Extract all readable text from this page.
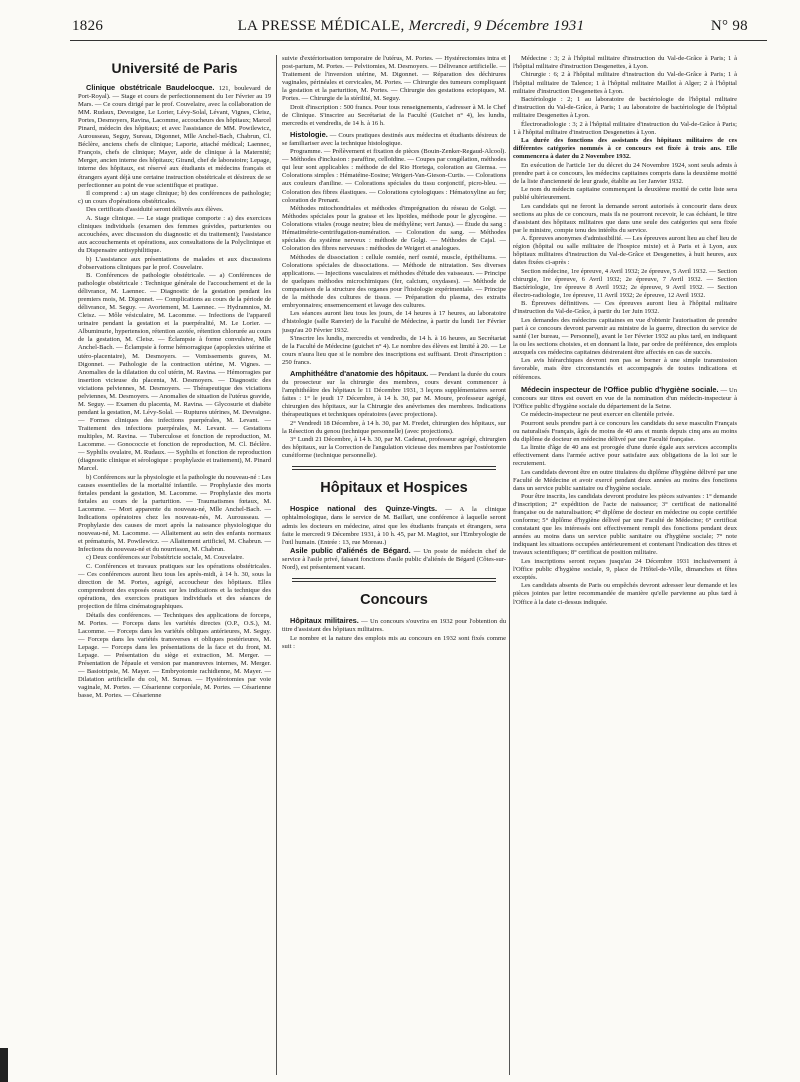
1826	LA PRESSE MÉDICALE, Mercredi, 9 Décembre 1931	N° 98
Université de Paris

Clinique obstétricale Baudelocque. 121, boulevard de Port-Royal). — Stage et cours de perfectionnement du 1er Février au 19 Mars. — Ce cours dirigé par le prof. Couvelaire, avec la collaboration de MM. Rudaux, Devraigne, Le Lorier, Lévy-Solal, Lévant, Vignes, Cleisz, Portes, Desmoyers, Ravina, Lacomme, accoucheurs des hôpitaux; Marcel Pinard, médecin des hôpitaux; et avec l'assistance de MM. Powilewicz, Aurousseau, Seguy, Sureau, Digonnet, Mlle Anchel-Bach, Chabrun, Cl. Béclère, anciens chefs de clinique; Laporte, attaché médical; Laennec, François, chefs de clinique; Mayer, aide de clinique à la Maternité; Merger, ancien interne des hôpitaux; Girand, chef de laboratoire; Lepage, interne des hôpitaux, est réservé aux étudiants et médecins français et étrangers ayant déjà une certaine instruction obstétricale et désireux de se perfectionner au point de vue scientifique et pratique.

Il comprend : a) un stage clinique; b) des conférences de pathologie; c) un cours d'opérations obstétricales.

Des certificats d'assiduité seront délivrés aux élèves.

A. Stage clinique. — Le stage pratique comporte : a) des exercices cliniques individuels (examen des femmes grávides, parturientes ou accouchées, avec discussion du diagnostic et du traitement); l'assistance aux accouchements et opérations, aux consultations de la Polyclinique et du Dispensaire antisyphilitique.

b) L'assistance aux présentations de malades et aux discussions d'observations cliniques par le prof. Couvelaire.

B. Conférences de pathologie obstétricale. — a) Conférences de pathologie obstétricale : Technique générale de l'accouchement et de la délivrance, M. Laennec. — Diagnostic de la gestation pendant les premiers mois, M. Digonnet. — Complications au cours de la période de délivrance, M. Seguy. — Avortement, M. Laennec. — Hydramnios, M. Cleisz. — Môle vésiculaire, M. Lacomme. — Infections de l'appareil urinaire pendant la gestation et la puerpéralité, M. Le Lorier. — Albuminurie, hypertension, rétention azotée, rétention chlorurée au cours de la gestation, M. Cleisz. — Éclampsie à forme convulsive, Mlle Anchel-Bach. — Éclampsie à forme hémorragique (apoplexies utérine et utéro-placentaire), M. Desmoyers. — Vomissements graves, M. Digonnet. — Pathologie de la contraction utérine, M. Vignes. — Anomalies de la dilatation du col utérin, M. Ravina. — Hémorragies par insertion vicieuse du placenta, M. Desmoyers. — Diagnostic des viciations pelviennes, M. Desmoyers. — Thérapeutique des viciations pelviennes, M. Desmoyers. — Anomalies de situation de l'utérus gravide, M. Seguy. — Examen du placenta, M. Ravina. — Glycosurie et diabète pendant la gestation, M. Lévy-Solal. — Ruptures utérines, M. Devraigne. — Formes cliniques des infections puerpérales, M. Levant. — Traitement des infections puerpérales, M. Levant. — Gestations multiples, M. Ravina. — Tuberculose et fonction de reproduction, M. Lacomme. — Gonococcie et fonction de reproduction, M. Cl. Béclère. — Syphilis ovulaire, M. Rudaux. — Syphilis et fonction de reproduction (diagnostic clinique et sérologique : prophylaxie et traitement), M. Pinard Marcel.

b) Conférences sur la physiologie et la pathologie du nouveau-né : Les causes essentielles de la mortalité infantile. — Prophylaxie des morts fœtales pendant la gestation, M. Lacomme. — Prophylaxie des morts fœtales au cours de la parturition. — Traumatismes fœtaux, M. Lacomme. — Mort apparente du nouveau-né, Mlle Anchel-Bach. — Indications opératoires chez les nouveau-nés, M. Aurousseau. — Prophylaxie des causes de mort après la naissance physiologique du nouveau-né, M. Lacomme. — Allaitement au sein des enfants normaux et prématurés, M. Powilewicz. — Allaitement artificiel, M. Chabrun. — Infections du nouveau-né et du nourrisson, M. Chabrun.

c) Deux conférences sur l'obstétricie sociale, M. Couvelaire.

C. Conférences et travaux pratiques sur les opérations obstétricales. — Ces conférences auront lieu tous les après-midi, à 14 h. 30, sous la direction de M. Portes, agrégé, accoucheur des hôpitaux. Elles comprendront des exposés oraux sur les indications et la technique des opérations, des exercices pratiques individuels et des séances de projection de films cinématographiques.

Détails des conférences. — Techniques des applications de forceps, M. Portes. — Forceps dans les variétés directes (O.P., O.S.), M. Lacomme. — Forceps dans les variétés obliques antérieures, M. Seguy. — Forceps dans les variétés transverses et obliques postérieures, M. Lepage. — Forceps dans les présentations de la face et du front, M. Lepage. — Présentation du siège et extraction, M. Merger. — Présentation de l'épaule et version par manœuvres internes, M. Merger. — Basiotripsie, M. Mayer. — Embryotomie rachidienne, M. Mayer. — Dilatation artificielle du col, M. Sureau. — Hystérotomies par voie vaginale, M. Portes. — Césarienne corporéale, M. Portes. — Césarienne basse, M. Portes. — Césarienne

suivie d'extériorisation temporaire de l'utérus, M. Portes. — Hystérectomies intra et post-partum, M. Portes. — Pelvitomies, M. Desmoyers. — Délivrance artificielle. — Traitement de l'inversion utérine, M. Digonnet. — Réparation des déchirures vaginales, périnéales et cervicales, M. Portes. — Chirurgie des tumeurs compliquant la gestation et la parturition, M. Portes. — Chirurgie des gestations ectopiques, M. Portes. — Chirurgie de la stérilité, M. Seguy.

Droit d'inscription : 500 francs. Pour tous renseignements, s'adresser à M. le Chef de Clinique. S'inscrire au Secrétariat de la Faculté (Guichet n° 4), les lundis, mercredis et vendredis, de 14 h. à 16 h.

Histologie. — Cours pratiques destinés aux médecins et étudiants désireux de se familiariser avec la technique histologique.

Programme. — Prélèvement et fixation de pièces (Bouin-Zenker-Regaud-Alcool). — Méthodes d'inclusion : paraffine, celloïdine. — Coupes par congélation, méthodes qui leur sont applicables : méthode de del Rio Hortega, coloration au Giemsa. — Colorations simples : Hématéine-Eosine; Weigert-Van-Gieson-Curtis. — Colorations aux couleurs d'aniline. — Colorations spéciales du tissu conjonctif, picro-bleu. — Coloration des fibres élastiques. — Colorations cytologiques : Hématoxyline au fer; coloration de Prenant.

Méthodes mitochondriales et méthodes d'imprégnation du réseau de Golgi. — Méthodes spéciales pour la graisse et les lipoïdes, méthode pour le glycogène. — Colorations vitales (rouge neutre; bleu de méthylène; vert Janus). — Étude du sang : Hématimétrie-centrifugation-numération. — Coloration du sang. — Méthodes spéciales du système nerveux : méthode de Golgi. — Méthodes de Cajal. — Coloration des fibres nerveuses : méthodes de Weigert et analogues.

Méthodes de dissociation : cellule osmiée, nerf osmié, muscle, épithéliums. — Colorations spéciales de dissociations. — Méthode de nitratation. Ses diverses applications. — Injections vasculaires et méthodes d'étude des vaisseaux. — Principe de quelques méthodes microchimiques (fer, calcium, oxydases). — Méthode de comparaison de la structure des organes pour l'histologie expérimentale. — Principe de la méthode des cultures de tissus. — Préparation du plasma, des extraits embryonnaires; ensemencement et lavage des cultures.

Les séances auront lieu tous les jours, de 14 heures à 17 heures, au laboratoire d'histologie (salle Ranvier) de la Faculté de Médecine, à partir du lundi 1er Février jusqu'au 20 Février 1932.

S'inscrire les lundis, mercredis et vendredis, de 14 h. à 16 heures, au Secrétariat de la Faculté de Médecine (guichet n° 4). Le nombre des élèves est limité à 20. — Le cours n'aura lieu que si le nombre des inscriptions est suffisant. Droit d'inscription : 250 francs.

Amphithéâtre d'anatomie des hôpitaux. — Pendant la durée du cours du prosecteur sur la chirurgie des membres, cours devant commencer à l'amphithéâtre des hôpitaux le 11 Décembre 1931, 3 leçons supplémentaires seront faites : 1° le jeudi 17 Décembre, à 14 h. 30, par M. Moure, professeur agrégé, chirurgien des hôpitaux, sur la Chirurgie des anévrismes des membres. Indications thérapeutiques et techniques opératoires (avec projections).

2° Vendredi 18 Décembre, à 14 h. 30, par M. Fredet, chirurgien des hôpitaux, sur la Résection du genou (technique personnelle) (avec projections).

3° Lundi 21 Décembre, à 14 h. 30, par M. Cadenat, professeur agrégé, chirurgien des hôpitaux, sur la Correction de l'angulation vicieuse des membres par l'ostéotomie cunéiforme (technique personnelle).

Hôpitaux et Hospices

Hospice national des Quinze-Vingts. — A la clinique ophtalmologique, dans le service de M. Baillart, une conférence à laquelle seront admis les docteurs en médecine, ainsi que les étudiants français et étrangers, sera faite le mercredi 9 Décembre 1931, à 10 h. 45, par M. Magitot, sur l'Embryologie de l'œil humain. (Entrée : 13, rue Moreau.)

Asile public d'aliénés de Bégard. — Un poste de médecin chef de service à l'asile privé, faisant fonctions d'asile public d'aliénés de Bégard (Côtes-sur-Nord), est présentement vacant.

Concours

Hôpitaux militaires. — Un concours s'ouvrira en 1932 pour l'obtention du titre d'assistant des hôpitaux militaires.

Le nombre et la nature des emplois mis au concours en 1932 sont fixés comme suit :

Médecine : 3; 2 à l'hôpital militaire d'instruction du Val-de-Grâce à Paris; 1 à l'hôpital militaire d'instruction Desgenettes, à Lyon.

Chirurgie : 6; 2 à l'hôpital militaire d'instruction du Val-de-Grâce à Paris; 1 à l'hôpital militaire de Talence; 1 à l'hôpital militaire Maillot à Alger; 2 à l'hôpital militaire d'instruction Desgenettes à Lyon.

Bactériologie : 2; 1 au laboratoire de bactériologie de l'hôpital militaire d'instruction du Val-de-Grâce, à Paris; 1 au laboratoire de bactériologie de l'hôpital militaire Desgenettes à Lyon.

Électroradiologie : 3; 2 à l'hôpital militaire d'instruction du Val-de-Grâce à Paris; 1 à l'hôpital militaire d'instruction Desgenettes à Lyon.

La durée des fonctions des assistants des hôpitaux militaires de ces différentes catégories nommés à ce concours est fixée à trois ans. Elle commencera à dater du 2 Novembre 1932.

En exécution de l'article 1er du décret du 24 Novembre 1924, sont seuls admis à prendre part à ce concours, les médecins capitaines compris dans la deuxième moitié de la liste d'ancienneté de leur grade, établie au 1er Janvier 1932.

Le nom du médecin capitaine commençant la deuxième moitié de cette liste sera publié ultérieurement.

Les candidats qui ne feront la demande seront autorisés à concourir dans deux sections au plus de ce concours, mais ils ne pourront recevoir, le cas échéant, le titre d'assistant des hôpitaux militaires que dans une seule des catégories qui sera fixée par le ministre, compte tenu des intérêts du service.

A. Épreuves anonymes d'admissibilité. — Les épreuves auront lieu au chef lieu de région (hôpital ou salle militaire de l'hospice mixte) et à Paris et à Lyon, aux hôpitaux militaires d'instruction du Val-de-Grâce et Desgenettes, à huit heures, aux dates fixées ci-après :

Section médecine, 1re épreuve, 4 Avril 1932; 2e épreuve, 5 Avril 1932. — Section chirurgie, 1re épreuve, 6 Avril 1932; 2e épreuve, 7 Avril 1932. — Section Bactériologie, 1re épreuve 8 Avril 1932; 2e épreuve, 9 Avril 1932. — Section électro-radiologie, 1re épreuve, 11 Avril 1932; 2e épreuve, 12 Avril 1932.

B. Épreuves définitives. — Ces épreuves auront lieu à l'hôpital militaire d'instruction du Val-de-Grâce, à partir du 1er Juin 1932.

Les demandes des médecins capitaines en vue d'obtenir l'autorisation de prendre part à ce concours devront parvenir au ministre de la guerre, direction du service de santé (1er bureau, — Personnel), avant le 1er Février 1932 au plus tard, en indiquant la ou les sections choisies, et en donnant la liste, par ordre de préférence, des emplois auxquels ces médecins capitaines désireraient être affectés en cas de succès.

Les avis hiérarchiques devront non pas se borner à une simple transmission favorable, mais être circonstanciés et accompagnés de toutes indications et références.

Médecin inspecteur de l'Office public d'hygiène sociale. — Un concours sur titres est ouvert en vue de la nomination d'un médecin-inspecteur à l'Office public d'hygiène sociale du département de la Seine.

Ce médecin-inspecteur ne peut exercer en clientèle privée.

Pourront seuls prendre part à ce concours les candidats du sexe masculin Français ou naturalisés Français, âgés de moins de 40 ans et munis depuis cinq ans au moins du diplôme de docteur en médecine délivré par une Faculté française.

La limite d'âge de 40 ans est prorogée d'une durée égale aux services accomplis effectivement dans l'armée active pour satisfaire aux obligations de la loi sur le recrutement.

Les candidats devront être en outre titulaires du diplôme d'hygiène délivré par une Faculté de Médecine et avoir exercé pendant deux années au moins des fonctions dans un service public sanitaire ou d'hygiène sociale.

Pour être inscrits, les candidats devront produire les pièces suivantes : 1° demande d'inscription; 2° expédition de l'acte de naissance; 3° certificat de nationalité française ou de naturalisation; 4° diplôme de docteur en médecine ou copie certifiée conforme; 5° diplôme d'hygiène délivré par une Faculté de Médecine; 6° certificat constatant que les intéressés ont effectivement rempli des fonctions pendant deux années au moins dans un service public sanitaire ou d'hygiène sociale; 7° note indiquant les situations occupées antérieurement et contenant l'indication des titres et travaux scientifiques; 8° certificat de position militaire.

Les inscriptions seront reçues jusqu'au 24 Décembre 1931 inclusivement à l'Office public d'hygiène sociale, 9, place de l'Hôtel-de-Ville, dimanches et fêtes exceptés.

Les candidats absents de Paris ou empêchés devront adresser leur demande et les pièces jointes par lettre recommandée de manière qu'elle parvienne au plus tard à l'Office à la date ci-dessus indiquée.
